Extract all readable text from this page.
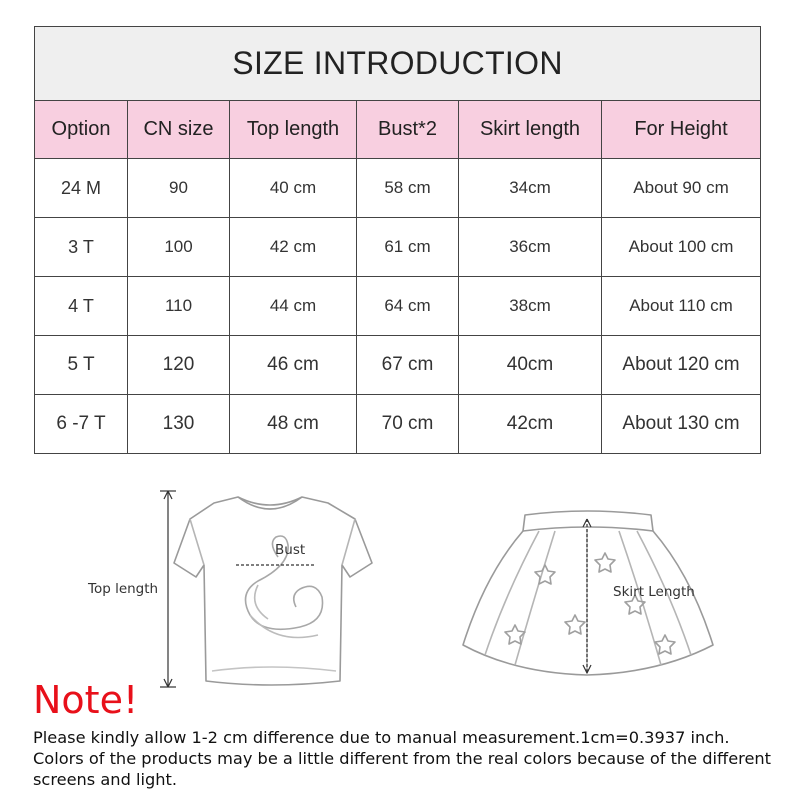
SIZE INTRODUCTION					
Option	CN size	Top length	Bust*2	Skirt length	For Height
24 M	90	40 cm	58 cm	34cm	About 90 cm
3 T	100	42 cm	61 cm	36cm	About 100 cm
4 T	110	44 cm	64 cm	38cm	About 110 cm
5 T	120	46 cm	67 cm	40cm	About 120 cm
6 -7 T	130	48 cm	70 cm	42cm	About 130 cm
Top length
Bust
Skirt Length
Note!

Please kindly allow 1-2 cm difference due to manual measurement.1cm=0.3937 inch.
Colors of the products may be a little different from the real colors because of the different screens and light.
